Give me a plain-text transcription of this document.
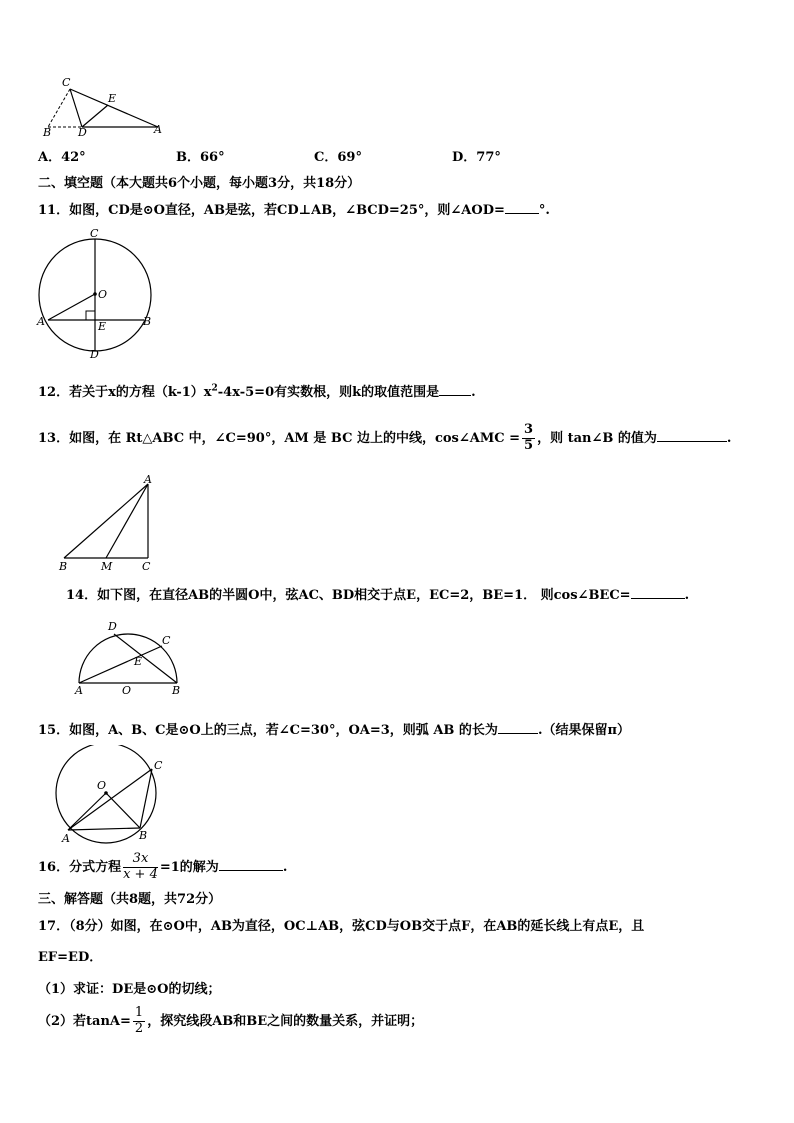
C
E
B D	A
A．42°	B．66°	C．69°	D．77°
二、填空题（本大题共6个小题，每小题3分，共18分）
11．如图，CD是⊙O直径，AB是弦，若CD⊥AB，∠BCD=25°，则∠AOD=	°.
C
O
A	B
E
D
12．若关于x的方程$(k-1)x^2-4x-5=0$有实数根，则k的取值范围是 .
13．如图，在 Rt△ABC 中，∠C=90°，AM 是 BC 边上的中线，cos∠AMC = $\frac{3}{5}$ ，则 tan∠B 的值为	.
A
B	M	C
14．如下图，在直径AB的半圆O中，弦AC、BD相交于点E，EC=2，BE=1． 则cos∠BEC=	.
D
C
E
A	O	B
15．如图，A、B、C是⊙O上的三点，若∠C=30°，OA=3，则弧 AB 的长为	.（结果保留π）
C
O
A	B
16．分式方程 $\frac{3x}{x + 4} =1$的解为	.
三、解答题（共8题，共72分）
17．（8分）如图，在⊙O中，AB为直径，OC⊥AB，弦CD与OB交于点F，在AB的延长线上有点E，且
EF=ED．
（1）求证：DE是⊙O的切线；
（2）若$\tan A= \frac{1}{2}$ ，探究线段AB和BE之间的数量关系，并证明；
